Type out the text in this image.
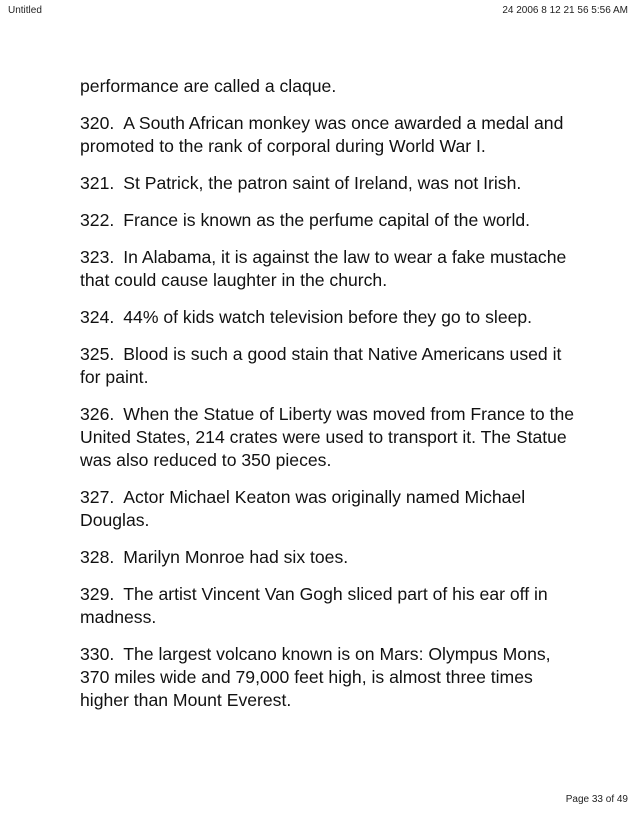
Untitled	24 2006 8 12 21 56 5:56 AM

performance are called a claque.

320. A South African monkey was once awarded a medal and promoted to the rank of corporal during World War I.

321. St Patrick, the patron saint of Ireland, was not Irish.

322. France is known as the perfume capital of the world.

323. In Alabama, it is against the law to wear a fake mustache that could cause laughter in the church.

324. 44% of kids watch television before they go to sleep.

325. Blood is such a good stain that Native Americans used it for paint.

326. When the Statue of Liberty was moved from France to the United States, 214 crates were used to transport it. The Statue was also reduced to 350 pieces.

327. Actor Michael Keaton was originally named Michael Douglas.

328. Marilyn Monroe had six toes.

329. The artist Vincent Van Gogh sliced part of his ear off in madness.

330. The largest volcano known is on Mars: Olympus Mons, 370 miles wide and 79,000 feet high, is almost three times higher than Mount Everest.

Page 33 of 49
